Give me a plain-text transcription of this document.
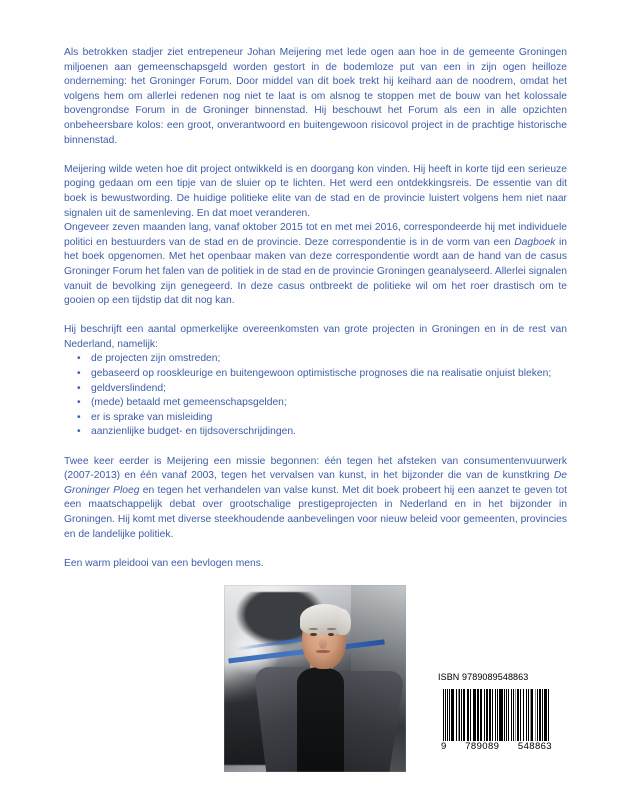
Als betrokken stadjer ziet entrepeneur Johan Meijering met lede ogen aan hoe in de gemeente Groningen miljoenen aan gemeenschapsgeld worden gestort in de bodemloze put van een in zijn ogen heilloze onderneming: het Groninger Forum. Door middel van dit boek trekt hij keihard aan de noodrem, omdat het volgens hem om allerlei redenen nog niet te laat is om alsnog te stoppen met de bouw van het kolossale bovengrondse Forum in de Groninger binnenstad. Hij beschouwt het Forum als een in alle opzichten onbeheersbare kolos: een groot, onverantwoord en buitengewoon risicovol project in de prachtige historische binnenstad.

Meijering wilde weten hoe dit project ontwikkeld is en doorgang kon vinden. Hij heeft in korte tijd een serieuze poging gedaan om een tipje van de sluier op te lichten. Het werd een ontdekkingsreis. De essentie van dit boek is bewustwording. De huidige politieke elite van de stad en de provincie luistert volgens hem niet naar signalen uit de samenleving. En dat moet veranderen.

Ongeveer zeven maanden lang, vanaf oktober 2015 tot en met mei 2016, correspondeerde hij met individuele politici en bestuurders van de stad en de provincie. Deze correspondentie is in de vorm van een Dagboek in het boek opgenomen. Met het openbaar maken van deze correspondentie wordt aan de hand van de casus Groninger Forum het falen van de politiek in de stad en de provincie Groningen geanalyseerd. Allerlei signalen vanuit de bevolking zijn genegeerd. In deze casus ontbreekt de politieke wil om het roer drastisch om te gooien op een tijdstip dat dit nog kan.

Hij beschrijft een aantal opmerkelijke overeenkomsten van grote projecten in Groningen en in de rest van Nederland, namelijk:

• de projecten zijn omstreden;
• gebaseerd op rooskleurige en buitengewoon optimistische prognoses die na realisatie onjuist bleken;
• geldverslindend;
• (mede) betaald met gemeenschapsgelden;
• er is sprake van misleiding
• aanzienlijke budget- en tijdsoverschrijdingen.

Twee keer eerder is Meijering een missie begonnen: één tegen het afsteken van consumentenvuurwerk (2007-2013) en één vanaf 2003, tegen het vervalsen van kunst, in het bijzonder die van de kunstkring De Groninger Ploeg en tegen het verhandelen van valse kunst. Met dit boek probeert hij een aanzet te geven tot een maatschappelijk debat over grootschalige prestigeprojecten in Nederland en in het bijzonder in Groningen. Hij komt met diverse steekhoudende aanbevelingen voor nieuw beleid voor gemeenten, provincies en de landelijke politiek.

Een warm pleidooi van een bevlogen mens.

ISBN 9789089548863
9 789089 548863
